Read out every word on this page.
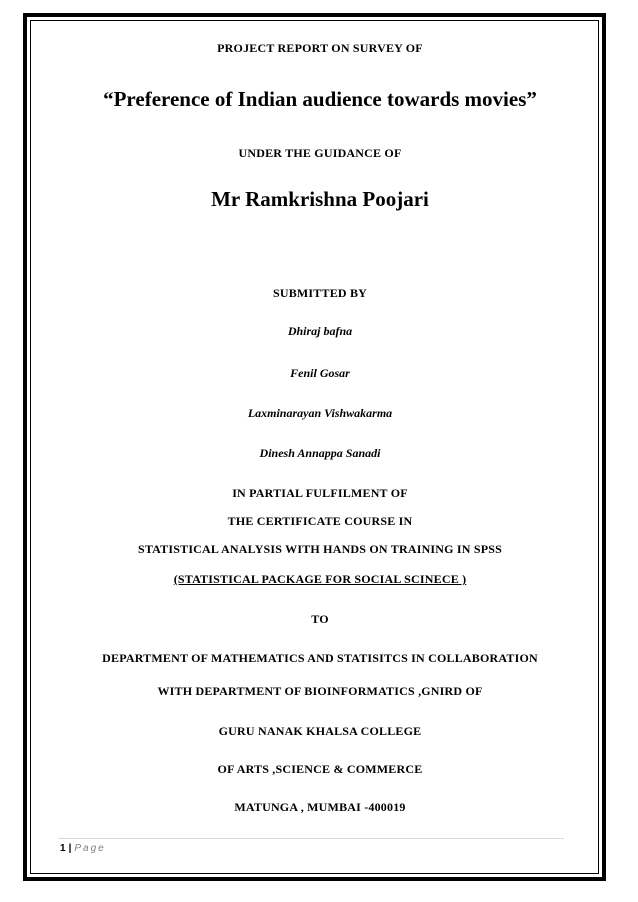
PROJECT REPORT ON SURVEY OF
“Preference of Indian audience towards movies”
UNDER THE GUIDANCE OF
Mr Ramkrishna Poojari
SUBMITTED BY
Dhiraj bafna
Fenil Gosar
Laxminarayan Vishwakarma
Dinesh Annappa Sanadi
IN PARTIAL FULFILMENT OF
THE CERTIFICATE COURSE IN
STATISTICAL ANALYSIS WITH HANDS ON TRAINING IN SPSS
(STATISTICAL PACKAGE FOR SOCIAL SCINECE )
TO
DEPARTMENT OF MATHEMATICS AND STATISITCS IN COLLABORATION
WITH DEPARTMENT OF BIOINFORMATICS ,GNIRD OF
GURU NANAK KHALSA COLLEGE
OF ARTS ,SCIENCE & COMMERCE
MATUNGA , MUMBAI -400019
1 | Page
